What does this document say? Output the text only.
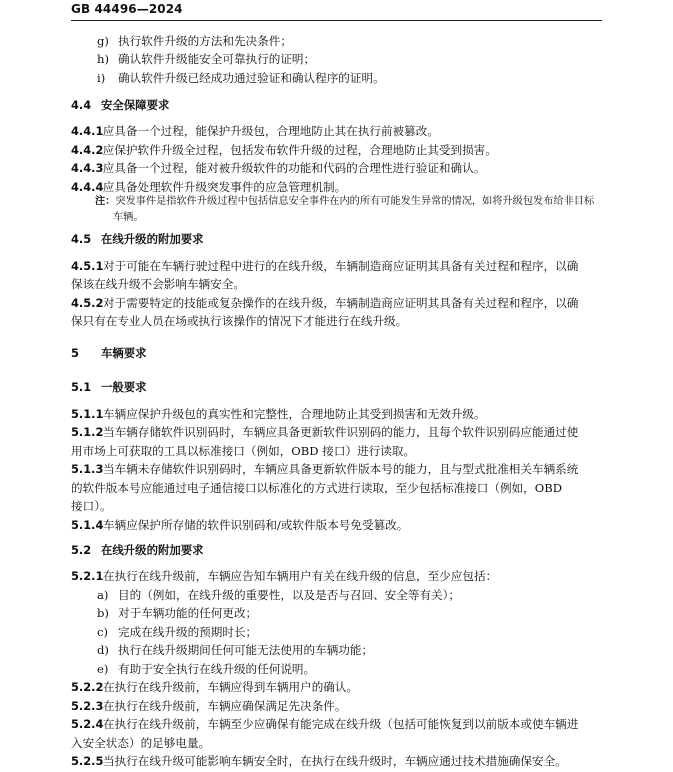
GB 44496—2024
g) 执行软件升级的方法和先决条件；
h) 确认软件升级能安全可靠执行的证明；
i) 确认软件升级已经成功通过验证和确认程序的证明。
4.4 安全保障要求
4.4.1 应具备一个过程，能保护升级包，合理地防止其在执行前被篡改。
4.4.2 应保护软件升级全过程，包括发布软件升级的过程，合理地防止其受到损害。
4.4.3 应具备一个过程，能对被升级软件的功能和代码的合理性进行验证和确认。
4.4.4 应具备处理软件升级突发事件的应急管理机制。
注：突发事件是指软件升级过程中包括信息安全事件在内的所有可能发生异常的情况，如将升级包发布给非目标
车辆。
4.5 在线升级的附加要求
4.5.1对于可能在车辆行驶过程中进行的在线升级，车辆制造商应证明其具备有关过程和程序，以确
保该在线升级不会影响车辆安全。
4.5.2对于需要特定的技能或复杂操作的在线升级，车辆制造商应证明其具备有关过程和程序，以确
保只有在专业人员在场或执行该操作的情况下才能进行在线升级。
5 车辆要求
5.1 一般要求
5.1.1车辆应保护升级包的真实性和完整性，合理地防止其受到损害和无效升级。
5.1.2当车辆存储软件识别码时，车辆应具备更新软件识别码的能力，且每个软件识别码应能通过使
用市场上可获取的工具以标准接口（例如，OBD 接口）进行读取。
5.1.3当车辆未存储软件识别码时，车辆应具备更新软件版本号的能力，且与型式批准相关车辆系统
的软件版本号应能通过电子通信接口以标准化的方式进行读取，至少包括标准接口（例如，OBD
接口）。
5.1.4车辆应保护所存储的软件识别码和/或软件版本号免受篡改。
5.2 在线升级的附加要求
5.2.1在执行在线升级前，车辆应告知车辆用户有关在线升级的信息，至少应包括：
a) 目的（例如，在线升级的重要性，以及是否与召回、安全等有关）；
b) 对于车辆功能的任何更改；
c) 完成在线升级的预期时长；
d) 执行在线升级期间任何可能无法使用的车辆功能；
e) 有助于安全执行在线升级的任何说明。
5.2.2在执行在线升级前，车辆应得到车辆用户的确认。
5.2.3在执行在线升级前，车辆应确保满足先决条件。
5.2.4在执行在线升级前，车辆至少应确保有能完成在线升级（包括可能恢复到以前版本或使车辆进
入安全状态）的足够电量。
5.2.5当执行在线升级可能影响车辆安全时，在执行在线升级时，车辆应通过技术措施确保安全。
